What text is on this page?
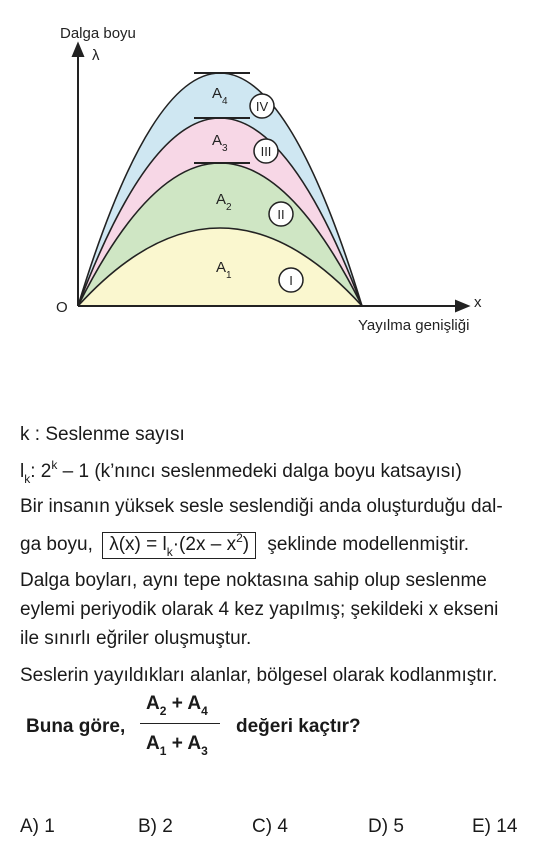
IV
III
II
I
$A_4$
$A_3$
$A_2$
$A_1$
Dalga boyu
λ
O	x
Yayılma genişliği
k : Seslenme sayısı
$l_k$: 2$^k$ – 1 (k’nıncı seslenmedeki dalga boyu katsayısı)
Bir insanın yüksek sesle seslendiği anda oluşturduğu dal-
ga boyu, $\lambda(x) = l_k\cdot(2x - x^2)$ şeklinde modellenmiştir.
Dalga boyları, aynı tepe noktasına sahip olup seslenme
eylemi periyodik olarak 4 kez yapılmış; şekildeki x ekseni
ile sınırlı eğriler oluşmuştur.
Seslerin yayıldıkları alanlar, bölgesel olarak kodlanmıştır.
Buna göre,
$A_2 + A_4$
$A_1 + A_3$
değeri kaçtır?
A) 1	B) 2	C) 4	D) 5	E) 14
